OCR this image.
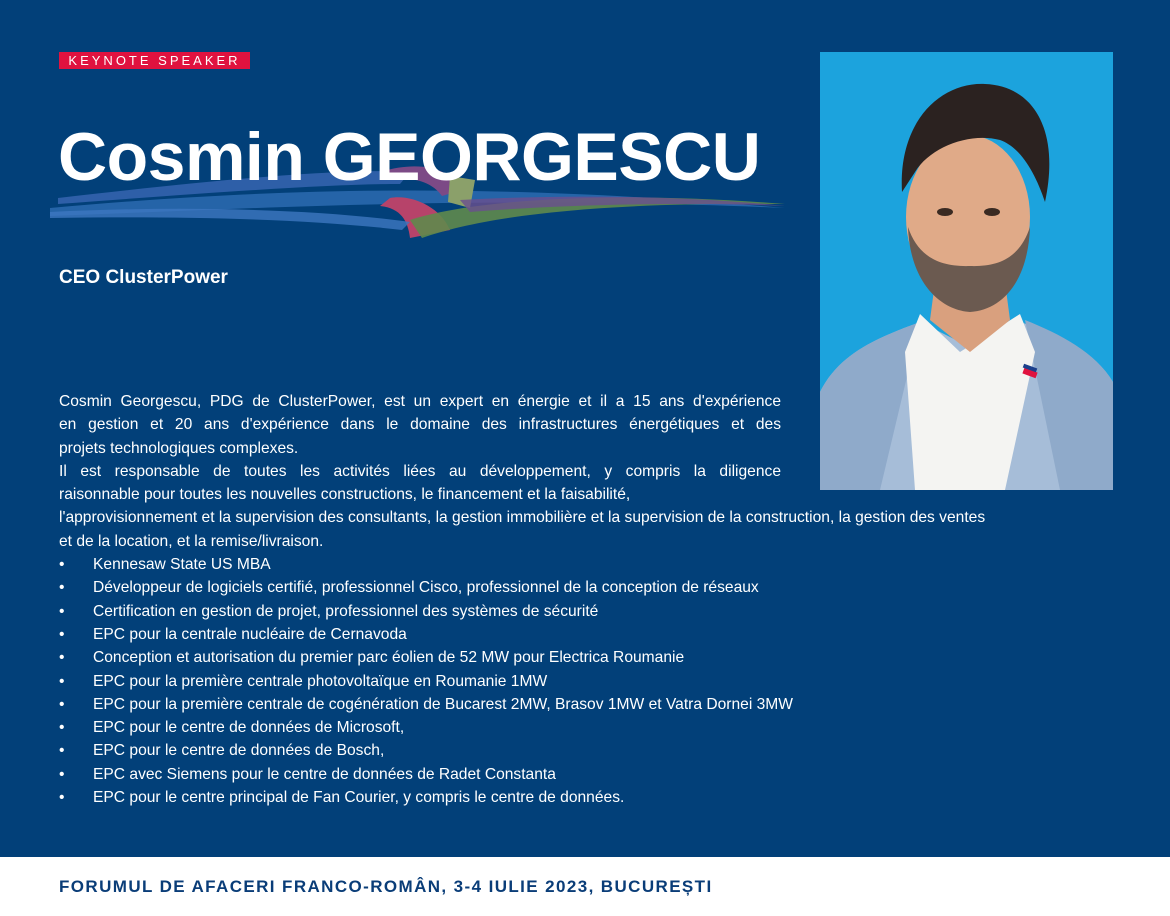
KEYNOTE SPEAKER
Cosmin GEORGESCU

CEO ClusterPower

Cosmin Georgescu, PDG de ClusterPower, est un expert en énergie et il a 15 ans d'expérience

en gestion et 20 ans d'expérience dans le domaine des infrastructures énergétiques et des

projets technologiques complexes.

Il est responsable de toutes les activités liées au développement, y compris la diligence

raisonnable pour toutes les nouvelles constructions, le financement et la faisabilité,

l'approvisionnement et la supervision des consultants, la gestion immobilière et la supervision de la construction, la gestion des ventes

et de la location, et la remise/livraison.

• Kennesaw State US MBA
• Développeur de logiciels certifié, professionnel Cisco, professionnel de la conception de réseaux
• Certification en gestion de projet, professionnel des systèmes de sécurité
• EPC pour la centrale nucléaire de Cernavoda
• Conception et autorisation du premier parc éolien de 52 MW pour Electrica Roumanie
• EPC pour la première centrale photovoltaïque en Roumanie 1MW
• EPC pour la première centrale de cogénération de Bucarest 2MW, Brasov 1MW et Vatra Dornei 3MW
• EPC pour le centre de données de Microsoft,
• EPC pour le centre de données de Bosch,
• EPC avec Siemens pour le centre de données de Radet Constanta
• EPC pour le centre principal de Fan Courier, y compris le centre de données.

FORUMUL DE AFACERI FRANCO-ROMÂN, 3-4 IULIE 2023, BUCUREȘTI
